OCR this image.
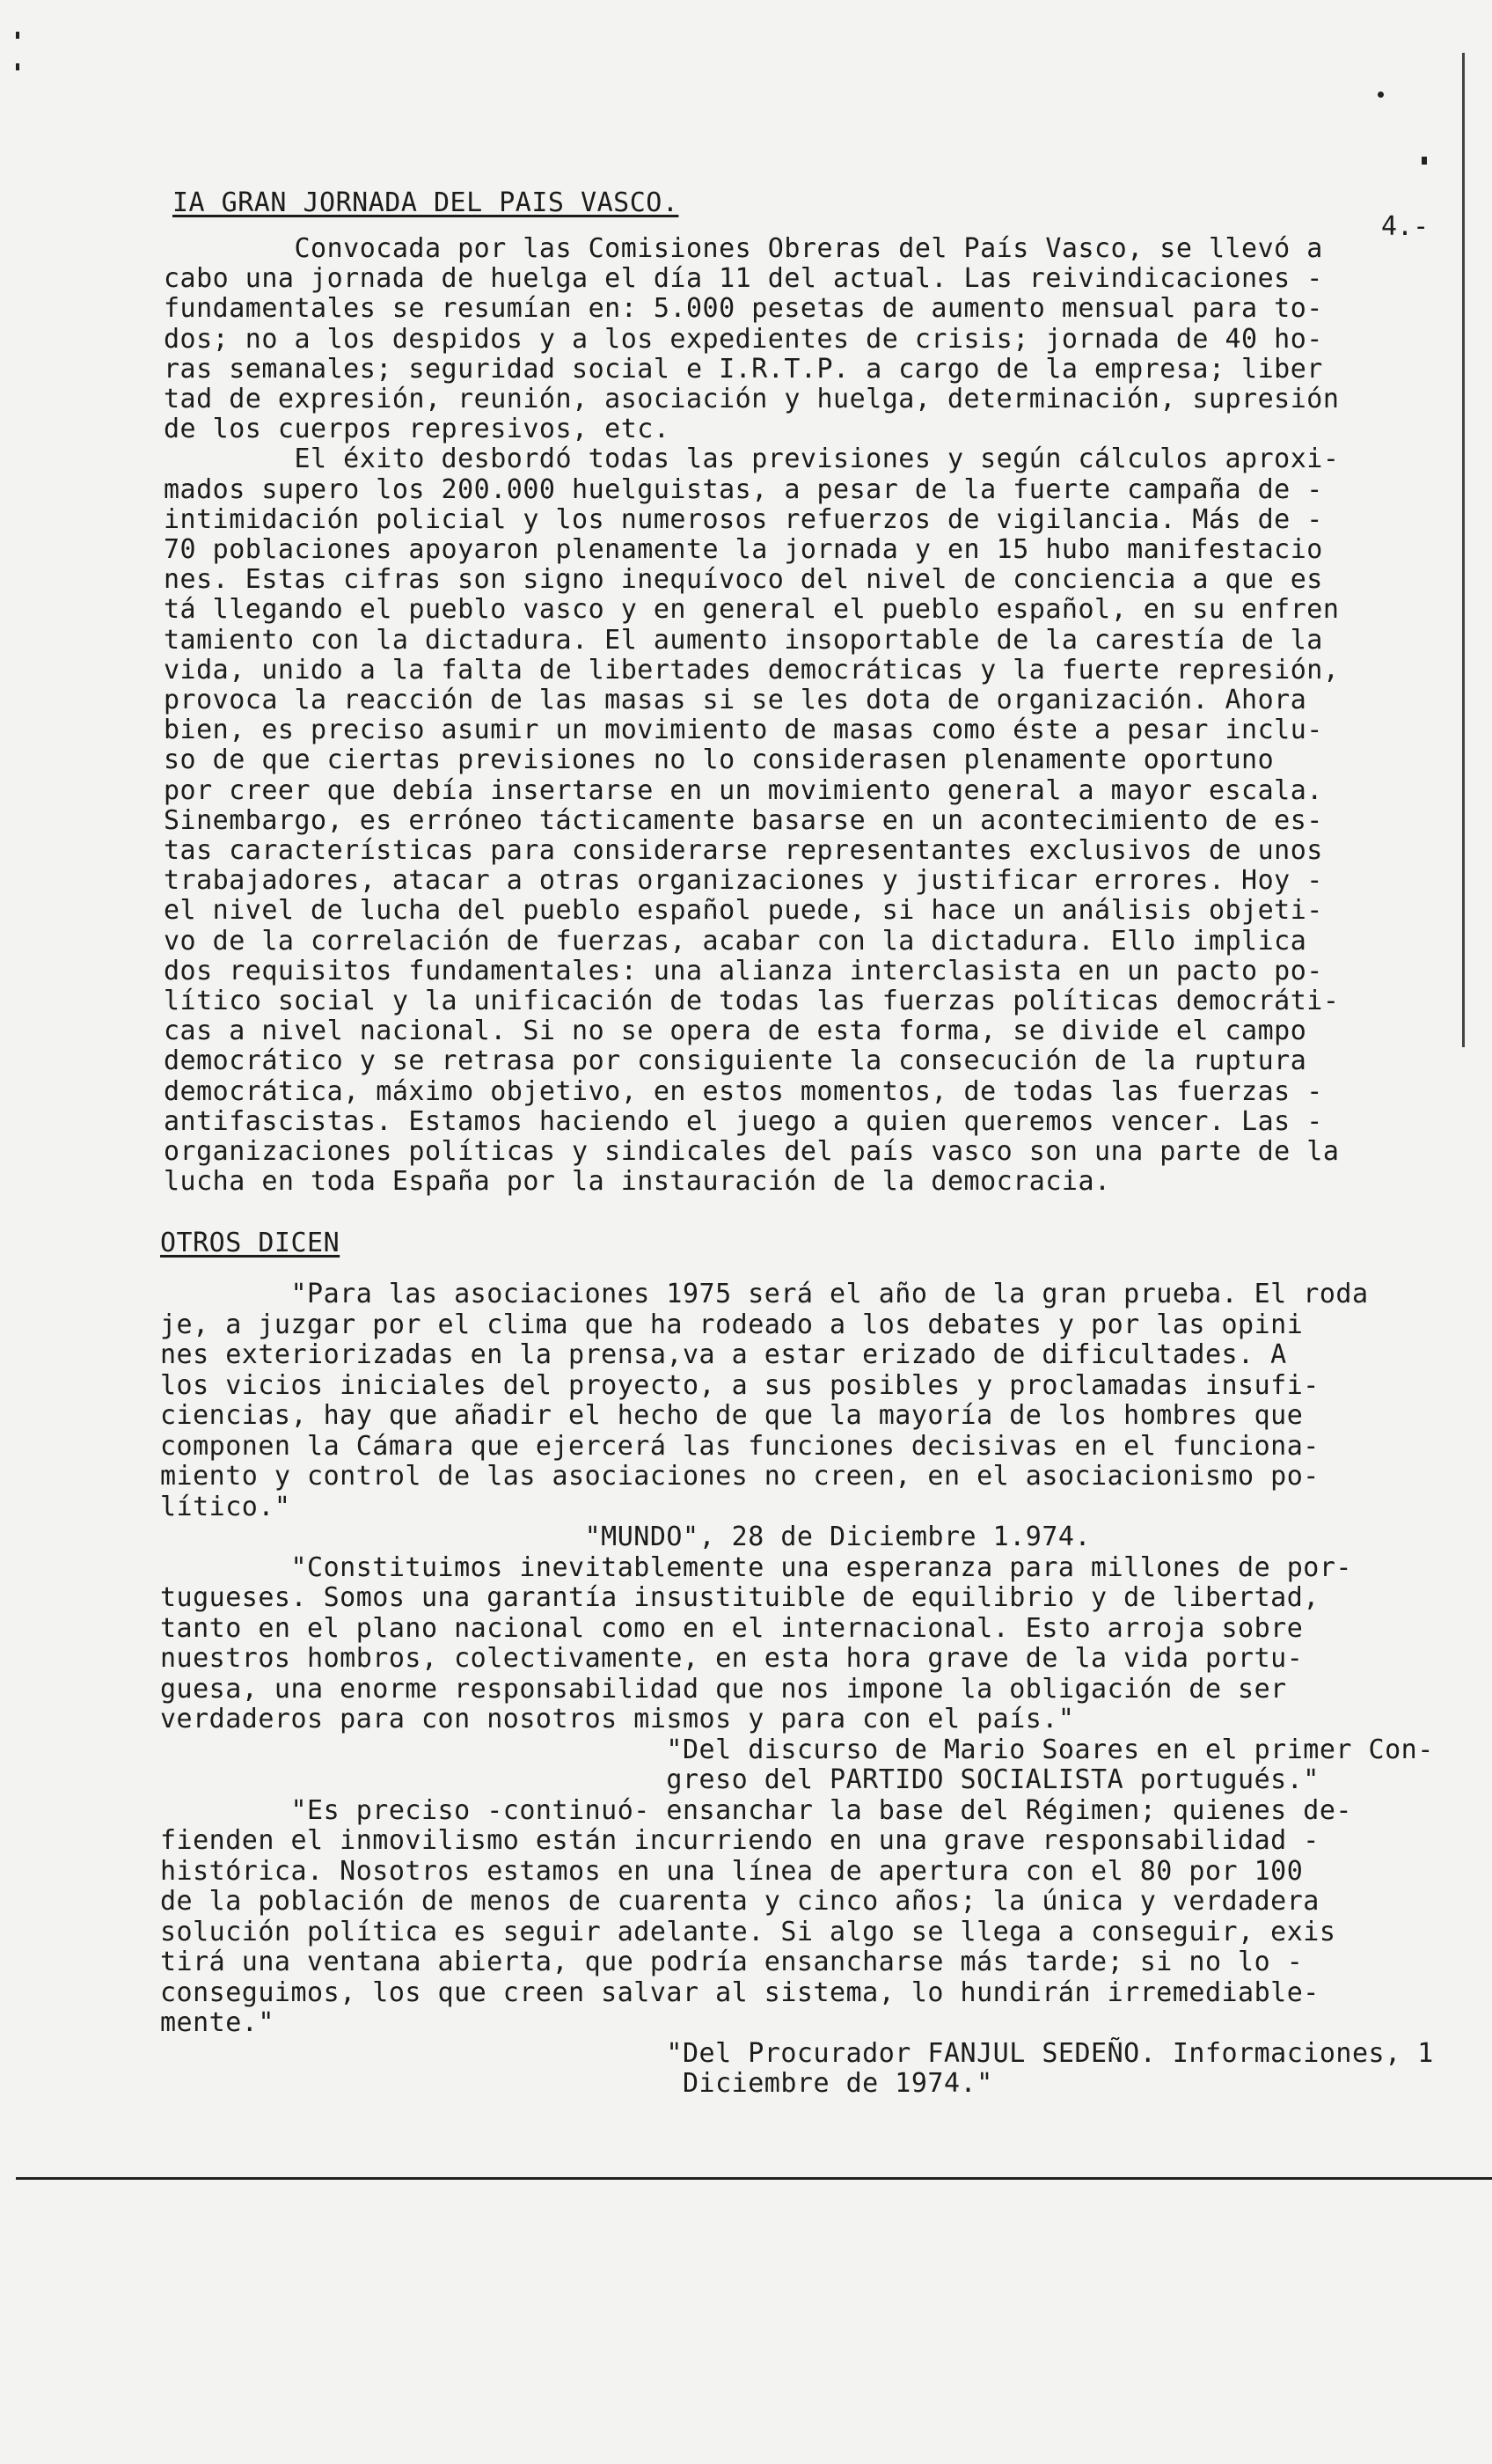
4.-
IA GRAN JORNADA DEL PAIS VASCO.
Convocada por las Comisiones Obreras del País Vasco, se llevó a
cabo una jornada de huelga el día 11 del actual. Las reivindicaciones -
fundamentales se resumían en: 5.000 pesetas de aumento mensual para to-
dos; no a los despidos y a los expedientes de crisis; jornada de 40 ho-
ras semanales; seguridad social e I.R.T.P. a cargo de la empresa; liber
tad de expresión, reunión, asociación y huelga, determinación, supresión
de los cuerpos represivos, etc.
El éxito desbordó todas las previsiones y según cálculos aproxi-
mados supero los 200.000 huelguistas, a pesar de la fuerte campaña de -
intimidación policial y los numerosos refuerzos de vigilancia. Más de -
70 poblaciones apoyaron plenamente la jornada y en 15 hubo manifestacio
nes. Estas cifras son signo inequívoco del nivel de conciencia a que es
tá llegando el pueblo vasco y en general el pueblo español, en su enfren
tamiento con la dictadura. El aumento insoportable de la carestía de la
vida, unido a la falta de libertades democráticas y la fuerte represión,
provoca la reacción de las masas si se les dota de organización. Ahora
bien, es preciso asumir un movimiento de masas como éste a pesar inclu-
so de que ciertas previsiones no lo considerasen plenamente oportuno
por creer que debía insertarse en un movimiento general a mayor escala.
Sinembargo, es erróneo tácticamente basarse en un acontecimiento de es-
tas características para considerarse representantes exclusivos de unos
trabajadores, atacar a otras organizaciones y justificar errores. Hoy -
el nivel de lucha del pueblo español puede, si hace un análisis objeti-
vo de la correlación de fuerzas, acabar con la dictadura. Ello implica
dos requisitos fundamentales: una alianza interclasista en un pacto po-
lítico social y la unificación de todas las fuerzas políticas democráti-
cas a nivel nacional. Si no se opera de esta forma, se divide el campo
democrático y se retrasa por consiguiente la consecución de la ruptura
democrática, máximo objetivo, en estos momentos, de todas las fuerzas -
antifascistas. Estamos haciendo el juego a quien queremos vencer. Las -
organizaciones políticas y sindicales del país vasco son una parte de la
lucha en toda España por la instauración de la democracia.
OTROS DICEN
"Para las asociaciones 1975 será el año de la gran prueba. El roda
je, a juzgar por el clima que ha rodeado a los debates y por las opini
nes exteriorizadas en la prensa,va a estar erizado de dificultades. A
los vicios iniciales del proyecto, a sus posibles y proclamadas insufi-
ciencias, hay que añadir el hecho de que la mayoría de los hombres que
componen la Cámara que ejercerá las funciones decisivas en el funciona-
miento y control de las asociaciones no creen, en el asociacionismo po-
lítico."
"MUNDO", 28 de Diciembre 1.974.
"Constituimos inevitablemente una esperanza para millones de por-
tugueses. Somos una garantía insustituible de equilibrio y de libertad,
tanto en el plano nacional como en el internacional. Esto arroja sobre
nuestros hombros, colectivamente, en esta hora grave de la vida portu-
guesa, una enorme responsabilidad que nos impone la obligación de ser
verdaderos para con nosotros mismos y para con el país."
"Del discurso de Mario Soares en el primer Con-
greso del PARTIDO SOCIALISTA portugués."
"Es preciso -continuó- ensanchar la base del Régimen; quienes de-
fienden el inmovilismo están incurriendo en una grave responsabilidad -
histórica. Nosotros estamos en una línea de apertura con el 80 por 100
de la población de menos de cuarenta y cinco años; la única y verdadera
solución política es seguir adelante. Si algo se llega a conseguir, exis
tirá una ventana abierta, que podría ensancharse más tarde; si no lo -
conseguimos, los que creen salvar al sistema, lo hundirán irremediable-
mente."
"Del Procurador FANJUL SEDEÑO. Informaciones, 1
Diciembre de 1974."
